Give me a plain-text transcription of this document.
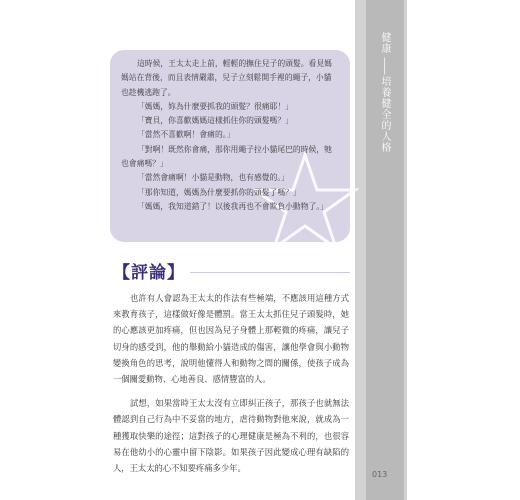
健康——培養健全的人格

這時候，王太太走上前，輕輕的撫住兒子的頭髮。看見媽

媽站在背後，而且表情嚴肅，兒子立刻鬆開手裡的繩子，小貓

也趁機逃跑了。

「媽媽，妳為什麼要抓我的頭髮？很痛耶！」

「寶貝，你喜歡媽媽這樣抓住你的頭髮嗎？」

「當然不喜歡啊！會痛的。」

「對啊！既然你會痛，那你用繩子拉小貓尾巴的時候，牠

也會痛嗎？」

「當然會痛啊！小貓是動物，也有感覺的。」

「那你知道，媽媽為什麼要抓你的頭髮了嗎？」

「媽媽，我知道錯了！以後我再也不會欺負小動物了。」

【評論】

也許有人會認為王太太的作法有些極端，不應該用這種方式來教育孩子，這樣做好像是體罰。當王太太抓住兒子頭髮時，她的心應該更加疼痛，但也因為兒子身體上那輕微的疼痛，讓兒子切身的感受到，他的舉動給小貓造成的傷害，讓他學會與小動物變換角色的思考，說明他懂得人和動物之間的關係，使孩子成為一個關愛動物、心地善良、感情豐富的人。

試想，如果當時王太太沒有立即糾正孩子，那孩子也就無法體認到自己行為中不妥當的地方，虐待動物對他來說，就成為一種獲取快樂的途徑；這對孩子的心理健康是極為不利的，也很容易在他幼小的心靈中留下陰影。如果孩子因此變成心理有缺陷的人，王太太的心不知要疼痛多少年。

013
